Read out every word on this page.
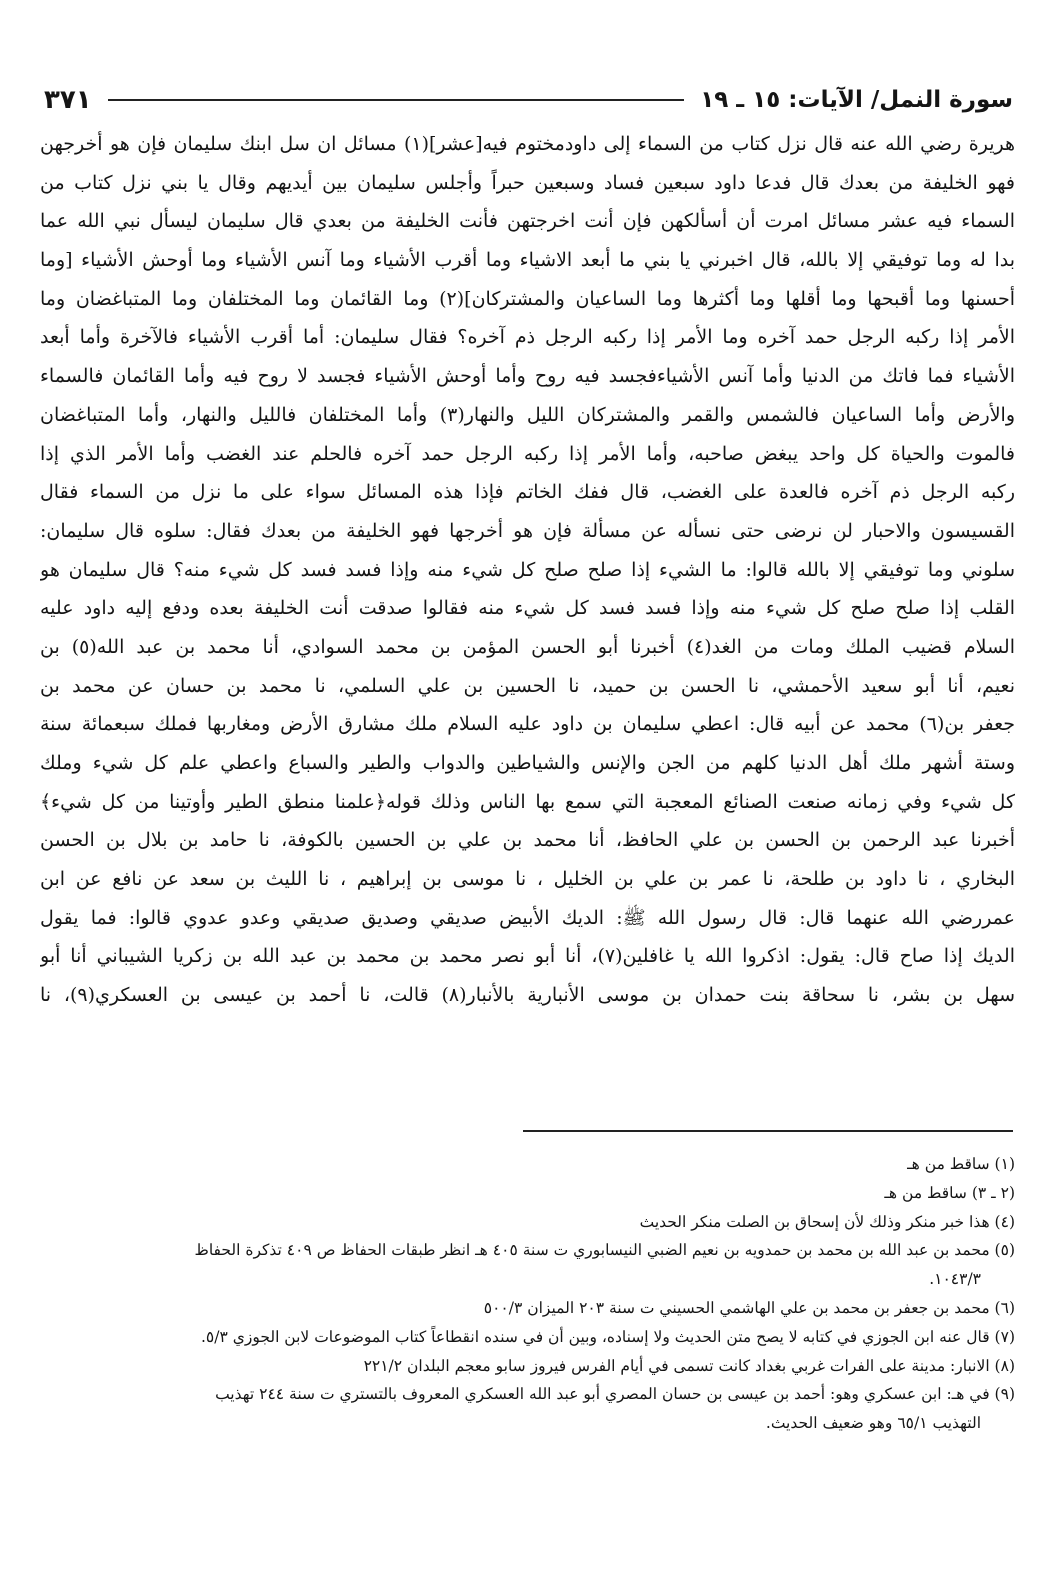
سورة النمل/ الآيات: ١٥ ـ ١٩
٣٧١
هريرة رضي الله عنه قال نزل كتاب من السماء إلى داودمختوم فيه[عشر](١) مسائل ان سل ابنك سليمان فإن هو أخرجهن
فهو الخليفة من بعدك قال فدعا داود سبعين فساد وسبعين حبراً وأجلس سليمان بين أيديهم وقال يا بني نزل كتاب من
السماء فيه عشر مسائل امرت أن أسألكهن فإن أنت اخرجتهن فأنت الخليفة من بعدي قال سليمان ليسأل نبي الله عما
بدا له وما توفيقي إلا بالله، قال اخبرني يا بني ما أبعد الاشياء وما أقرب الأشياء وما آنس الأشياء وما أوحش الأشياء [وما
أحسنها وما أقبحها وما أقلها وما أكثرها وما الساعيان والمشتركان](٢) وما القائمان وما المختلفان وما المتباغضان وما
الأمر إذا ركبه الرجل حمد آخره وما الأمر إذا ركبه الرجل ذم آخره؟ فقال سليمان: أما أقرب الأشياء فالآخرة وأما أبعد
الأشياء فما فاتك من الدنيا وأما آنس الأشياءفجسد فيه روح وأما أوحش الأشياء فجسد لا روح فيه وأما القائمان فالسماء
والأرض وأما الساعيان فالشمس والقمر والمشتركان الليل والنهار(٣) وأما المختلفان فالليل والنهار، وأما المتباغضان
فالموت والحياة كل واحد يبغض صاحبه، وأما الأمر إذا ركبه الرجل حمد آخره فالحلم عند الغضب وأما الأمر الذي إذا
ركبه الرجل ذم آخره فالعدة على الغضب، قال ففك الخاتم فإذا هذه المسائل سواء على ما نزل من السماء فقال
القسيسون والاحبار لن نرضى حتى نسأله عن مسألة فإن هو أخرجها فهو الخليفة من بعدك فقال: سلوه قال سليمان:
سلوني وما توفيقي إلا بالله قالوا: ما الشيء إذا صلح صلح كل شيء منه وإذا فسد فسد كل شيء منه؟ قال سليمان هو
القلب إذا صلح صلح كل شيء منه وإذا فسد فسد كل شيء منه فقالوا صدقت أنت الخليفة بعده ودفع إليه داود عليه
السلام قضيب الملك ومات من الغد(٤) أخبرنا أبو الحسن المؤمن بن محمد السوادي، أنا محمد بن عبد الله(٥) بن
نعيم، أنا أبو سعيد الأحمشي، نا الحسن بن حميد، نا الحسين بن علي السلمي، نا محمد بن حسان عن محمد بن
جعفر بن(٦) محمد عن أبيه قال: اعطي سليمان بن داود عليه السلام ملك مشارق الأرض ومغاربها فملك سبعمائة سنة
وستة أشهر ملك أهل الدنيا كلهم من الجن والإنس والشياطين والدواب والطير والسباع واعطي علم كل شيء وملك
كل شيء وفي زمانه صنعت الصنائع المعجبة التي سمع بها الناس وذلك قوله﴿علمنا منطق الطير وأوتينا من كل شيء﴾
أخبرنا عبد الرحمن بن الحسن بن علي الحافظ، أنا محمد بن علي بن الحسين بالكوفة، نا حامد بن بلال بن الحسن
البخاري ، نا داود بن طلحة، نا عمر بن علي بن الخليل ، نا موسى بن إبراهيم ، نا الليث بن سعد عن نافع عن ابن
عمررضي الله عنهما قال: قال رسول الله ﷺ: الديك الأبيض صديقي وصديق صديقي وعدو عدوي قالوا: فما يقول
الديك إذا صاح قال: يقول: اذكروا الله يا غافلين(٧)، أنا أبو نصر محمد بن محمد بن عبد الله بن زكريا الشيباني أنا أبو
سهل بن بشر، نا سحاقة بنت حمدان بن موسى الأنبارية بالأنبار(٨) قالت، نا أحمد بن عيسى بن العسكري(٩)، نا
(١) ساقط من هـ
(٢ ـ ٣) ساقط من هـ
(٤) هذا خبر منكر وذلك لأن إسحاق بن الصلت منكر الحديث
(٥) محمد بن عبد الله بن محمد بن حمدويه بن نعيم الضبي النيسابوري ت سنة ٤٠٥ هـ انظر طبقات الحفاظ ص ٤٠٩ تذكرة الحفاظ
١٠٤٣/٣.
(٦) محمد بن جعفر بن محمد بن علي الهاشمي الحسيني ت سنة ٢٠٣ الميزان ٥٠٠/٣
(٧) قال عنه ابن الجوزي في كتابه لا يصح متن الحديث ولا إسناده، وبين أن في سنده انقطاعاً كتاب الموضوعات لابن الجوزي ٥/٣.
(٨) الانبار: مدينة على الفرات غربي بغداد كانت تسمى في أيام الفرس فيروز سابو معجم البلدان ٢٢١/٢
(٩) في هـ: ابن عسكري وهو: أحمد بن عيسى بن حسان المصري أبو عبد الله العسكري المعروف بالتستري ت سنة ٢٤٤ تهذيب
التهذيب ٦٥/١ وهو ضعيف الحديث.
